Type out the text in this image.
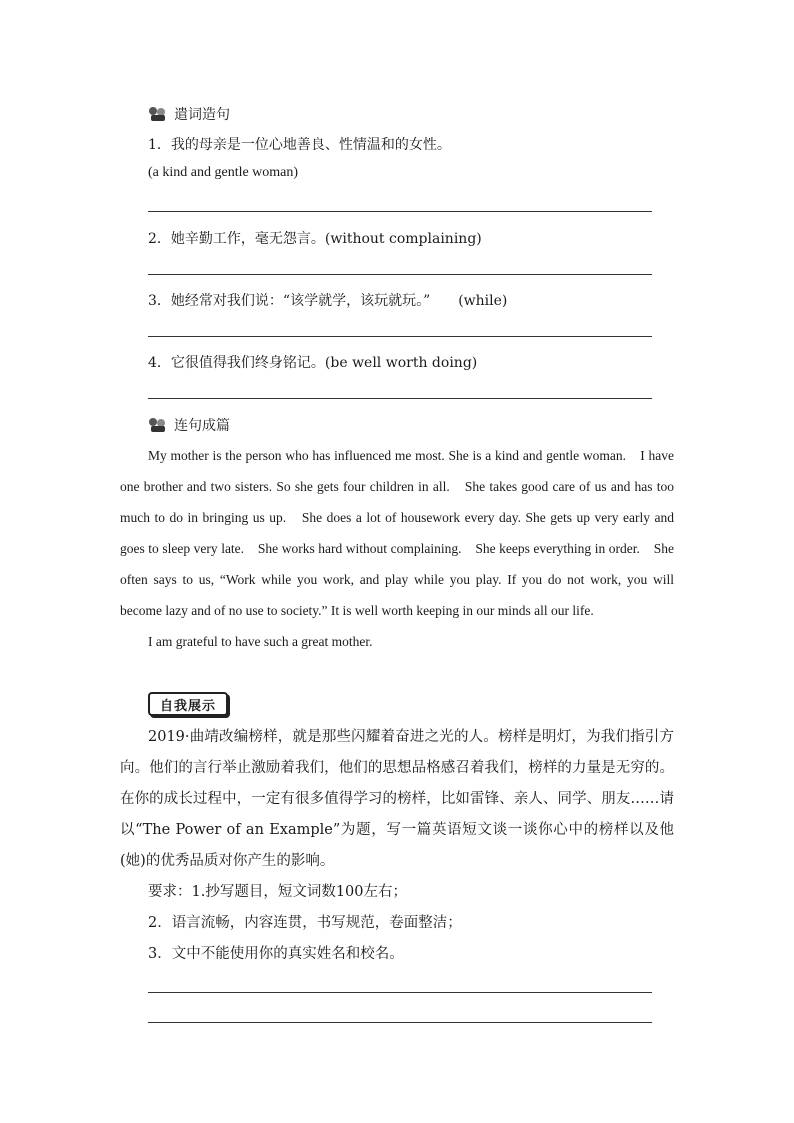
遣词造句
1．我的母亲是一位心地善良、性情温和的女性。
(a kind and gentle woman)
2．她辛勤工作，毫无怨言。(without complaining)
3．她经常对我们说：“该学就学，该玩就玩。”　　(while)
4．它很值得我们终身铭记。(be well worth doing)
连句成篇

My mother is the person who has influenced me most. She is a kind and gentle woman.　I have one brother and two sisters. So she gets four children in all.　She takes good care of us and has too much to do in bringing us up.　She does a lot of housework every day. She gets up very early and goes to sleep very late.　She works hard without complaining.　She keeps everything in order.　She often says to us, “Work while you work, and play while you play. If you do not work, you will become lazy and of no use to society.” It is well worth keeping in our minds all our life.

I am grateful to have such a great mother.

自我展示

2019·曲靖改编榜样，就是那些闪耀着奋进之光的人。榜样是明灯，为我们指引方向。他们的言行举止激励着我们，他们的思想品格感召着我们，榜样的力量是无穷的。在你的成长过程中，一定有很多值得学习的榜样，比如雷锋、亲人、同学、朋友……请以“The Power of an Example”为题，写一篇英语短文谈一谈你心中的榜样以及他(她)的优秀品质对你产生的影响。

要求：1.抄写题目，短文词数100左右；

2．语言流畅，内容连贯，书写规范，卷面整洁；

3．文中不能使用你的真实姓名和校名。
